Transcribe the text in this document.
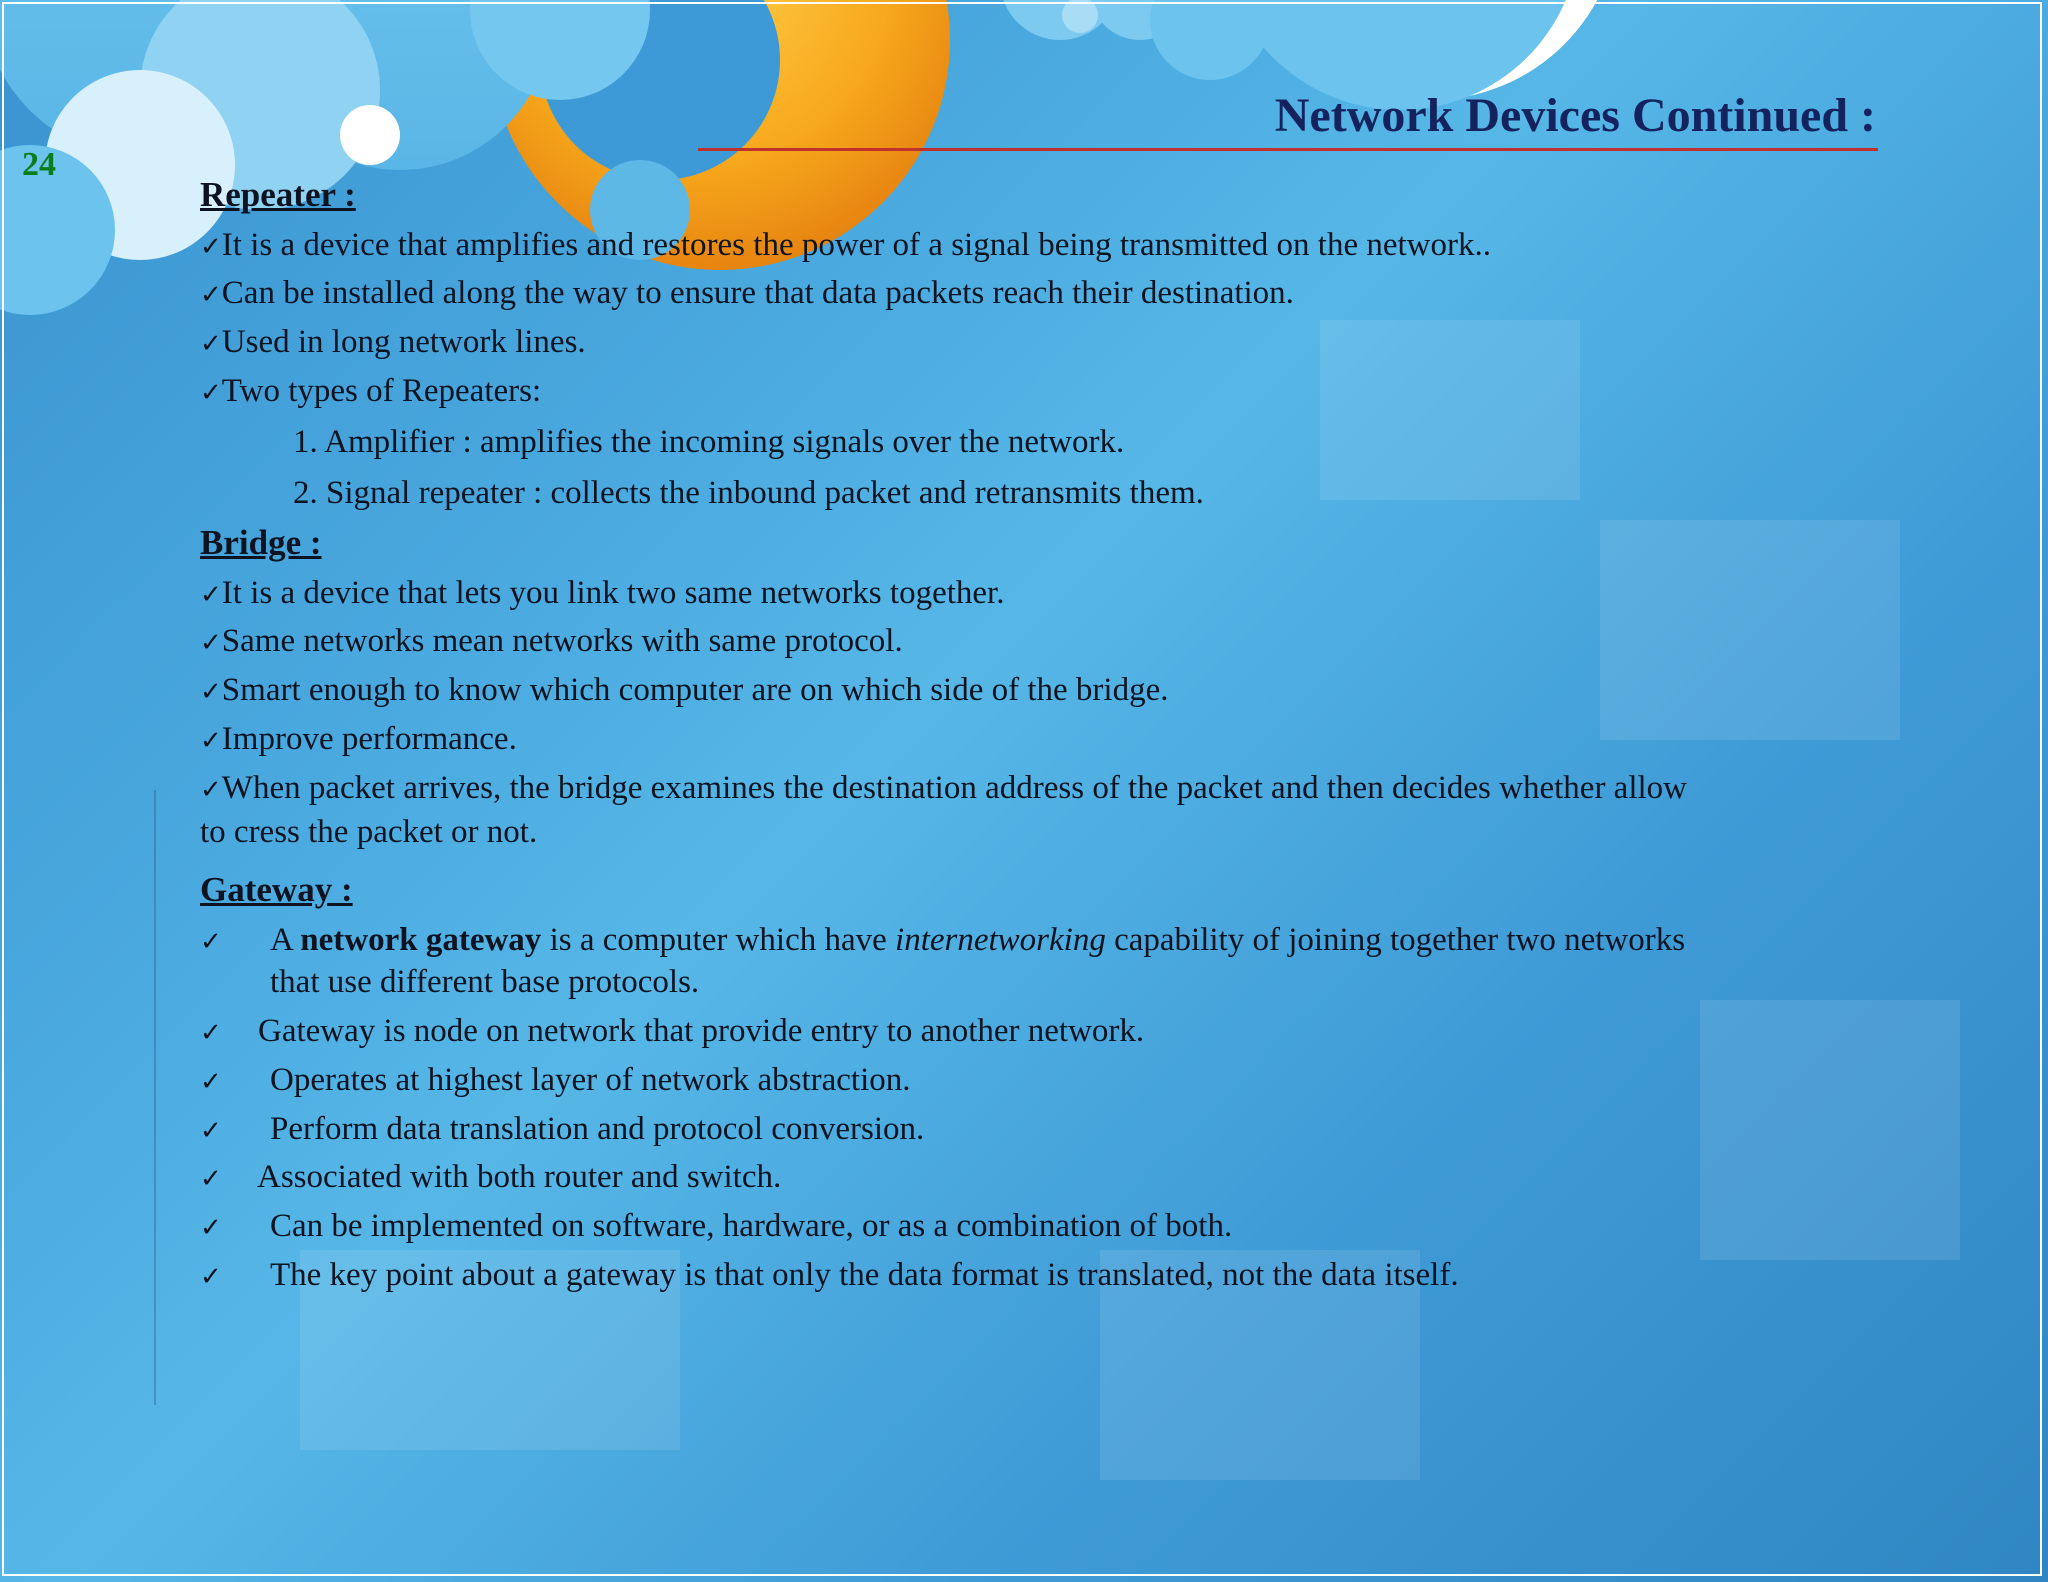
24
Network Devices Continued :
Repeater :
✓It is a device that amplifies and restores the power of a signal being transmitted on the network..
✓Can be installed along the way to ensure that data packets reach their destination.
✓Used in long network lines.
✓Two types of Repeaters:
1. Amplifier : amplifies the incoming signals over the network.
2. Signal repeater : collects the inbound packet and retransmits them.
Bridge :
✓It is a device that lets you link two same networks together.
✓Same networks mean networks with same protocol.
✓Smart enough to know which computer are on which side of the bridge.
✓Improve performance.
✓When packet arrives, the bridge examines the destination address of the packet and then decides whether allow
to cress the packet or not.
Gateway :
✓ A network gateway is a computer which have internetworking capability of joining together two networks
that use different base protocols.
✓ Gateway is node on network that provide entry to another network.
✓ Operates at highest layer of network abstraction.
✓ Perform data translation and protocol conversion.
✓ Associated with both router and switch.
✓ Can be implemented on software, hardware, or as a combination of both.
✓ The key point about a gateway is that only the data format is translated, not the data itself.
